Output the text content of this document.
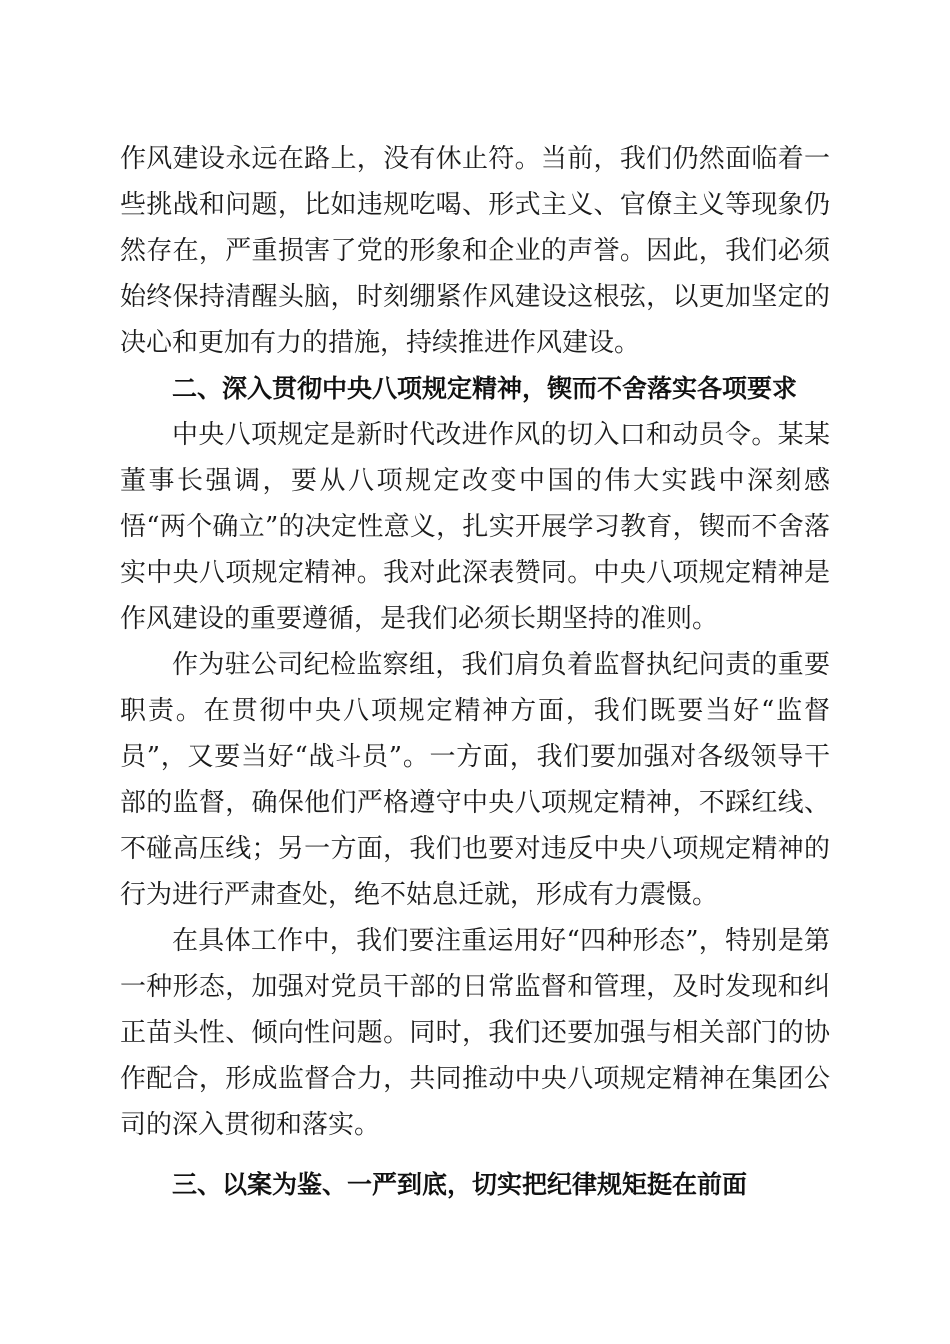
作风建设永远在路上，没有休止符。当前，我们仍然面临着一些挑战和问题，比如违规吃喝、形式主义、官僚主义等现象仍然存在，严重损害了党的形象和企业的声誉。因此，我们必须始终保持清醒头脑，时刻绷紧作风建设这根弦，以更加坚定的决心和更加有力的措施，持续推进作风建设。

二、深入贯彻中央八项规定精神，锲而不舍落实各项要求

中央八项规定是新时代改进作风的切入口和动员令。某某董事长强调，要从八项规定改变中国的伟大实践中深刻感悟“两个确立”的决定性意义，扎实开展学习教育，锲而不舍落实中央八项规定精神。我对此深表赞同。中央八项规定精神是作风建设的重要遵循，是我们必须长期坚持的准则。

作为驻公司纪检监察组，我们肩负着监督执纪问责的重要职责。在贯彻中央八项规定精神方面，我们既要当好“监督员”，又要当好“战斗员”。一方面，我们要加强对各级领导干部的监督，确保他们严格遵守中央八项规定精神，不踩红线、不碰高压线；另一方面，我们也要对违反中央八项规定精神的行为进行严肃查处，绝不姑息迁就，形成有力震慑。

在具体工作中，我们要注重运用好“四种形态”，特别是第一种形态，加强对党员干部的日常监督和管理，及时发现和纠正苗头性、倾向性问题。同时，我们还要加强与相关部门的协作配合，形成监督合力，共同推动中央八项规定精神在集团公司的深入贯彻和落实。

三、以案为鉴、一严到底，切实把纪律规矩挺在前面
